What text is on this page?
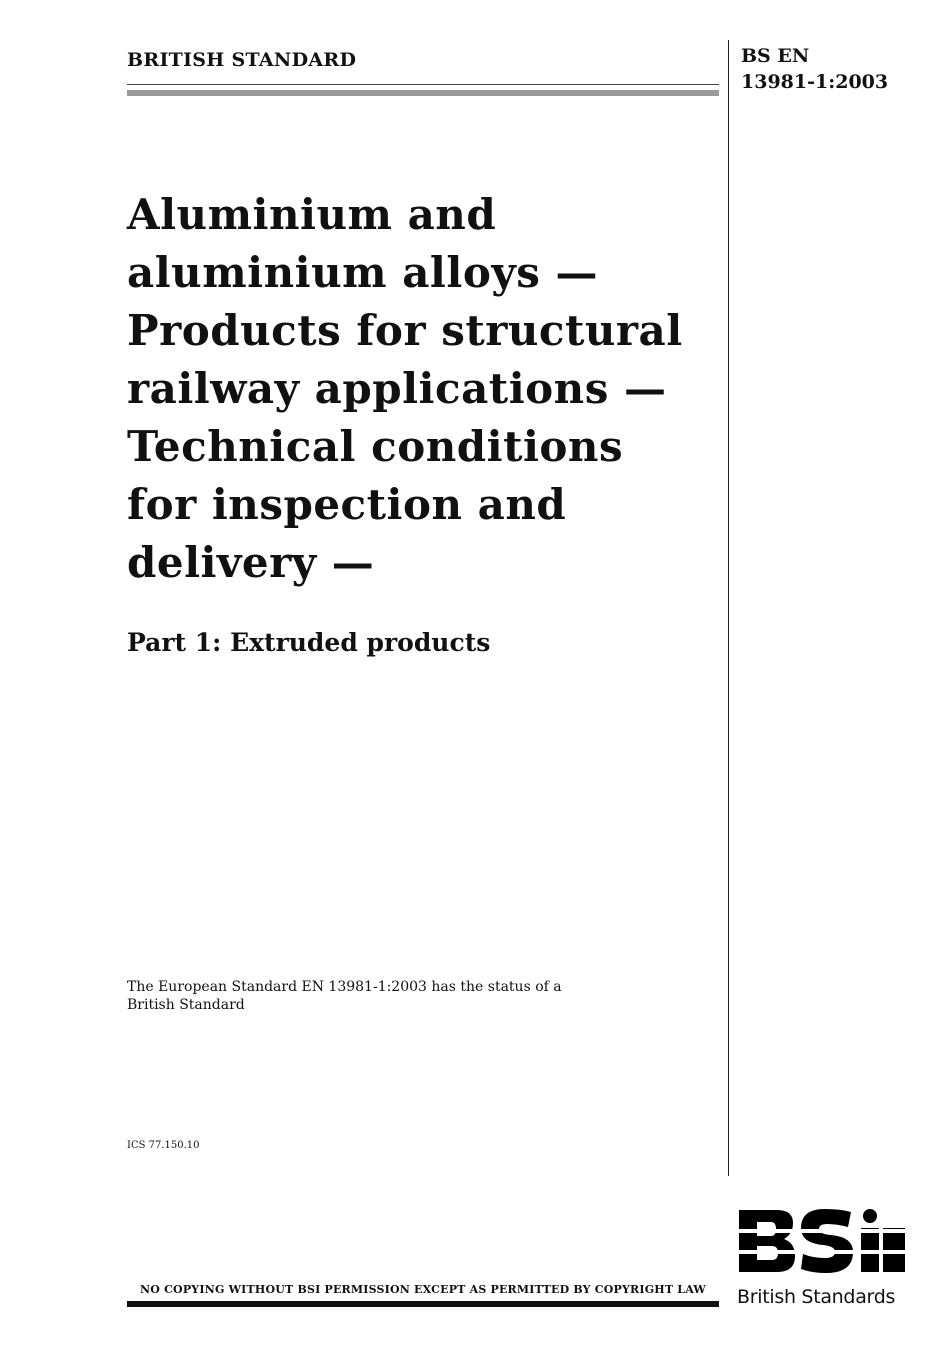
BRITISH STANDARD	BS EN
13981-1:2003
Aluminium and
aluminium alloys —
Products for structural
railway applications —
Technical conditions
for inspection and
delivery —
Part 1: Extruded products
The European Standard EN 13981-1:2003 has the status of a
British Standard
ICS 77.150.10
NO COPYING WITHOUT BSI PERMISSION EXCEPT AS PERMITTED BY COPYRIGHT LAW	British Standards
